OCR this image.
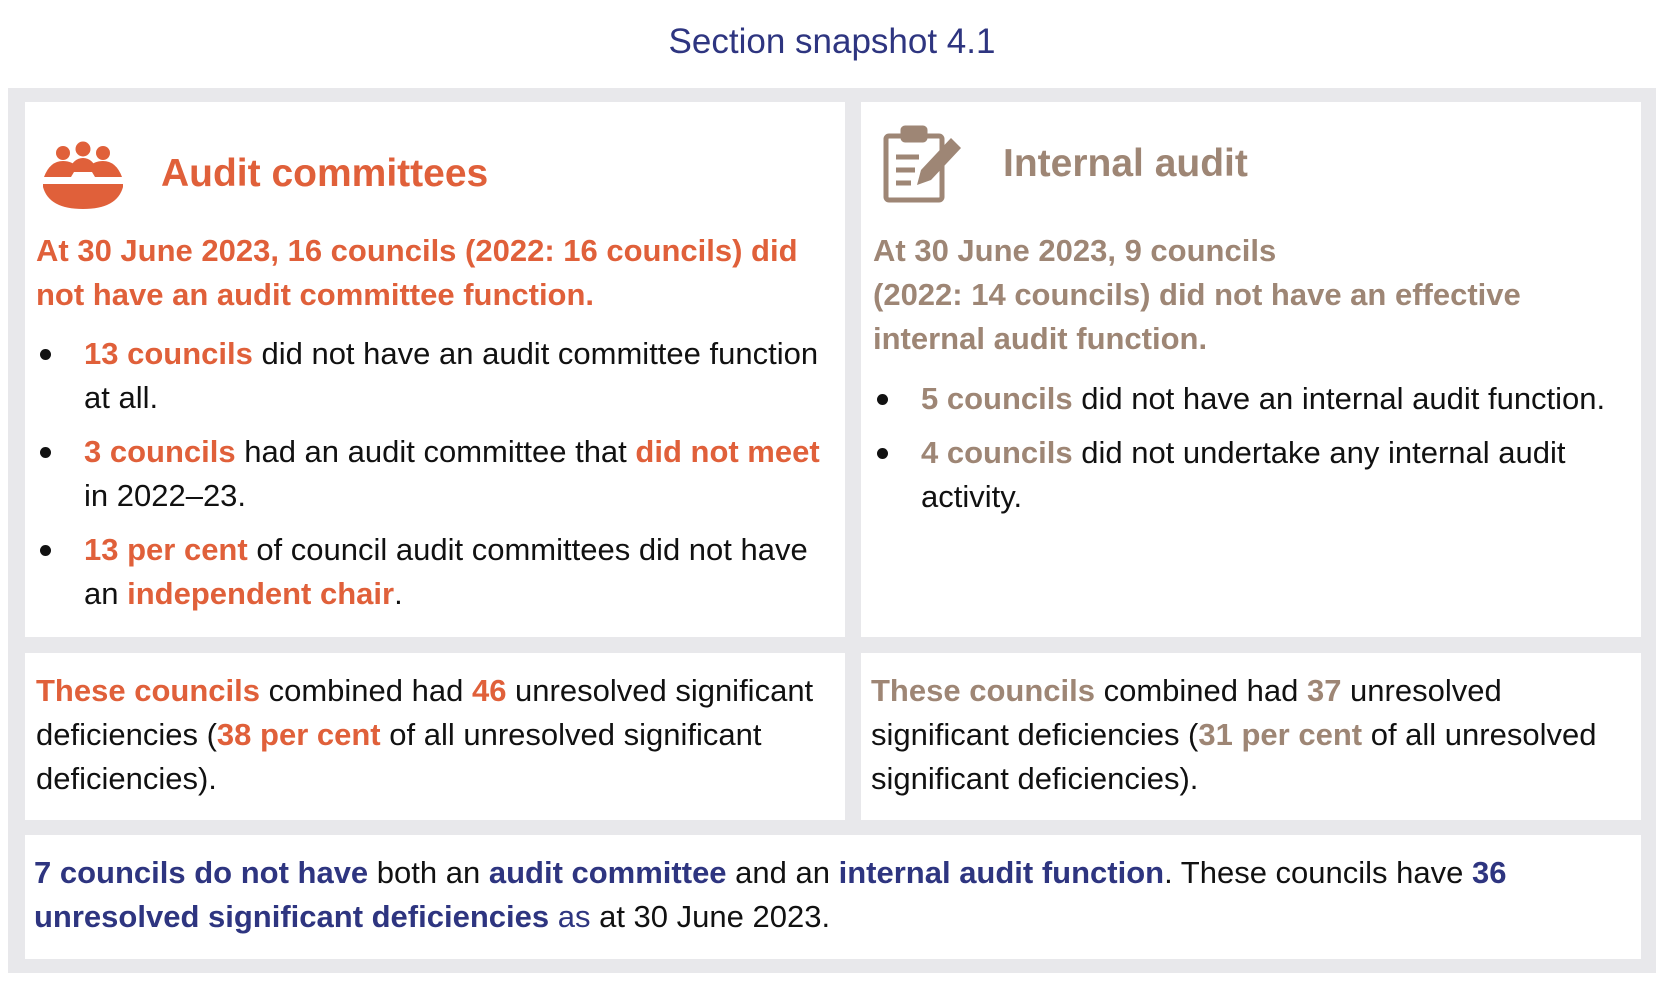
Section snapshot 4.1
Audit committees

At 30 June 2023, 16 councils (2022: 16 councils) did not have an audit committee function.

13 councils did not have an audit committee function at all.
3 councils had an audit committee that did not meet in 2022–23.
13 per cent of council audit committees did not have an independent chair.
Internal audit

At 30 June 2023, 9 councils
(2022: 14 councils) did not have an effective internal audit function.

5 councils did not have an internal audit function.
4 councils did not undertake any internal audit activity.

These councils combined had 46 unresolved significant deficiencies (38 per cent of all unresolved significant deficiencies).

These councils combined had 37 unresolved significant deficiencies (31 per cent of all unresolved significant deficiencies).

7 councils do not have both an audit committee and an internal audit function. These councils have 36 unresolved significant deficiencies as at 30 June 2023.
